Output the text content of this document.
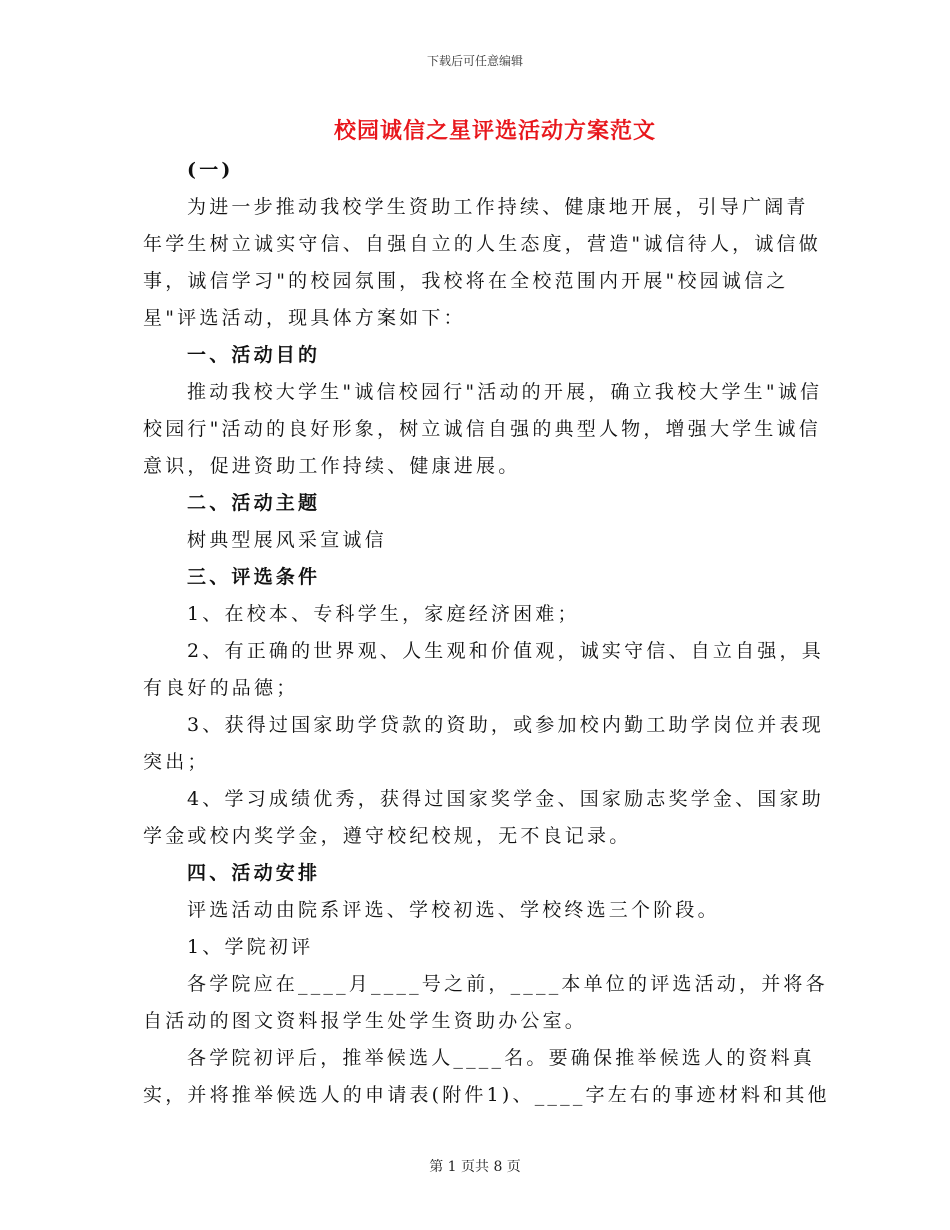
下载后可任意编辑
校园诚信之星评选活动方案范文

(一)

为进一步推动我校学生资助工作持续、健康地开展，引导广阔青

年学生树立诚实守信、自强自立的人生态度，营造"诚信待人，诚信做

事，诚信学习"的校园氛围，我校将在全校范围内开展"校园诚信之

星"评选活动，现具体方案如下：

一、活动目的

推动我校大学生"诚信校园行"活动的开展，确立我校大学生"诚信

校园行"活动的良好形象，树立诚信自强的典型人物，增强大学生诚信

意识，促进资助工作持续、健康进展。

二、活动主题

树典型展风采宣诚信

三、评选条件

1、在校本、专科学生，家庭经济困难；

2、有正确的世界观、人生观和价值观，诚实守信、自立自强，具

有良好的品德；

3、获得过国家助学贷款的资助，或参加校内勤工助学岗位并表现

突出；

4、学习成绩优秀，获得过国家奖学金、国家励志奖学金、国家助

学金或校内奖学金，遵守校纪校规，无不良记录。

四、活动安排

评选活动由院系评选、学校初选、学校终选三个阶段。

1、学院初评

各学院应在____月____号之前，____本单位的评选活动，并将各

自活动的图文资料报学生处学生资助办公室。

各学院初评后，推举候选人____名。要确保推举候选人的资料真

实，并将推举候选人的申请表(附件1)、____字左右的事迹材料和其他

第 1 页共 8 页
